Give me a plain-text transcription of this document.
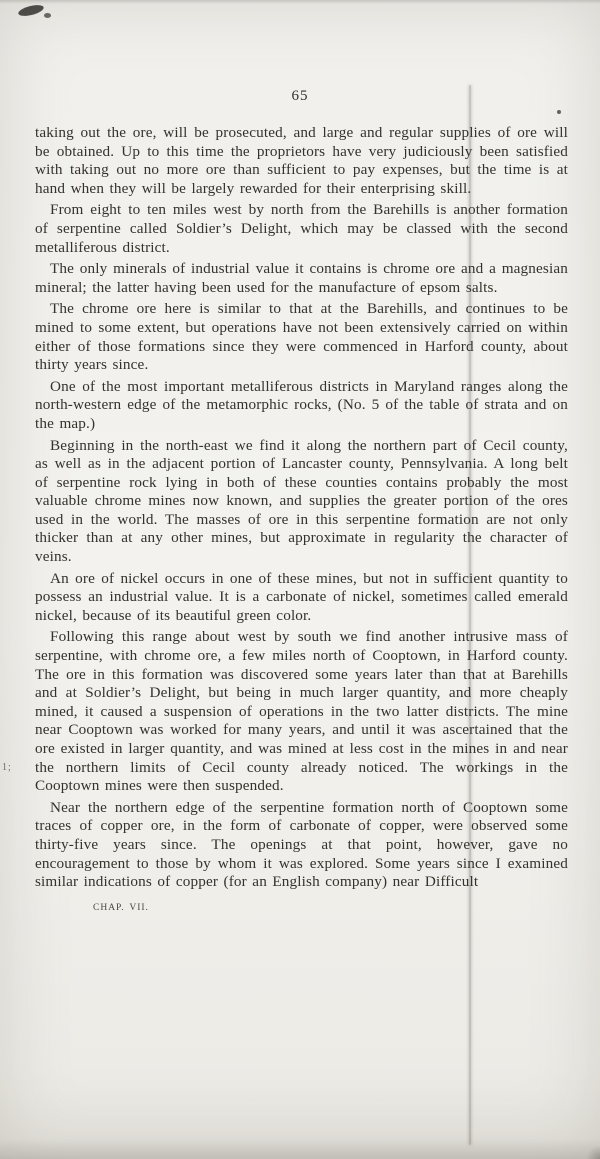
65

taking out the ore, will be prosecuted, and large and regular supplies of ore will be obtained. Up to this time the proprietors have very judiciously been satisfied with taking out no more ore than sufficient to pay expenses, but the time is at hand when they will be largely rewarded for their enterprising skill.

From eight to ten miles west by north from the Barehills is another formation of serpentine called Soldier’s Delight, which may be classed with the second metalliferous district.

The only minerals of industrial value it contains is chrome ore and a magnesian mineral; the latter having been used for the manufacture of epsom salts.

The chrome ore here is similar to that at the Barehills, and continues to be mined to some extent, but operations have not been extensively carried on within either of those formations since they were commenced in Harford county, about thirty years since.

One of the most important metalliferous districts in Maryland ranges along the north-western edge of the metamorphic rocks, (No. 5 of the table of strata and on the map.)

Beginning in the north-east we find it along the northern part of Cecil county, as well as in the adjacent portion of Lancaster county, Pennsylvania. A long belt of serpentine rock lying in both of these counties contains probably the most valuable chrome mines now known, and supplies the greater portion of the ores used in the world. The masses of ore in this serpentine formation are not only thicker than at any other mines, but approximate in regularity the character of veins.

An ore of nickel occurs in one of these mines, but not in sufficient quantity to possess an industrial value. It is a carbonate of nickel, sometimes called emerald nickel, because of its beautiful green color.

Following this range about west by south we find another intrusive mass of serpentine, with chrome ore, a few miles north of Cooptown, in Harford county. The ore in this formation was discovered some years later than that at Barehills and at Soldier’s Delight, but being in much larger quantity, and more cheaply mined, it caused a suspension of operations in the two latter districts. The mine near Cooptown was worked for many years, and until it was ascertained that the ore existed in larger quantity, and was mined at less cost in the mines in and near the northern limits of Cecil county already noticed. The workings in the Cooptown mines were then suspended.

Near the northern edge of the serpentine formation north of Cooptown some traces of copper ore, in the form of carbonate of copper, were observed some thirty-five years since. The openings at that point, however, gave no encouragement to those by whom it was explored. Some years since I examined similar indications of copper (for an English company) near Difficult

CHAP. VII.
1;
